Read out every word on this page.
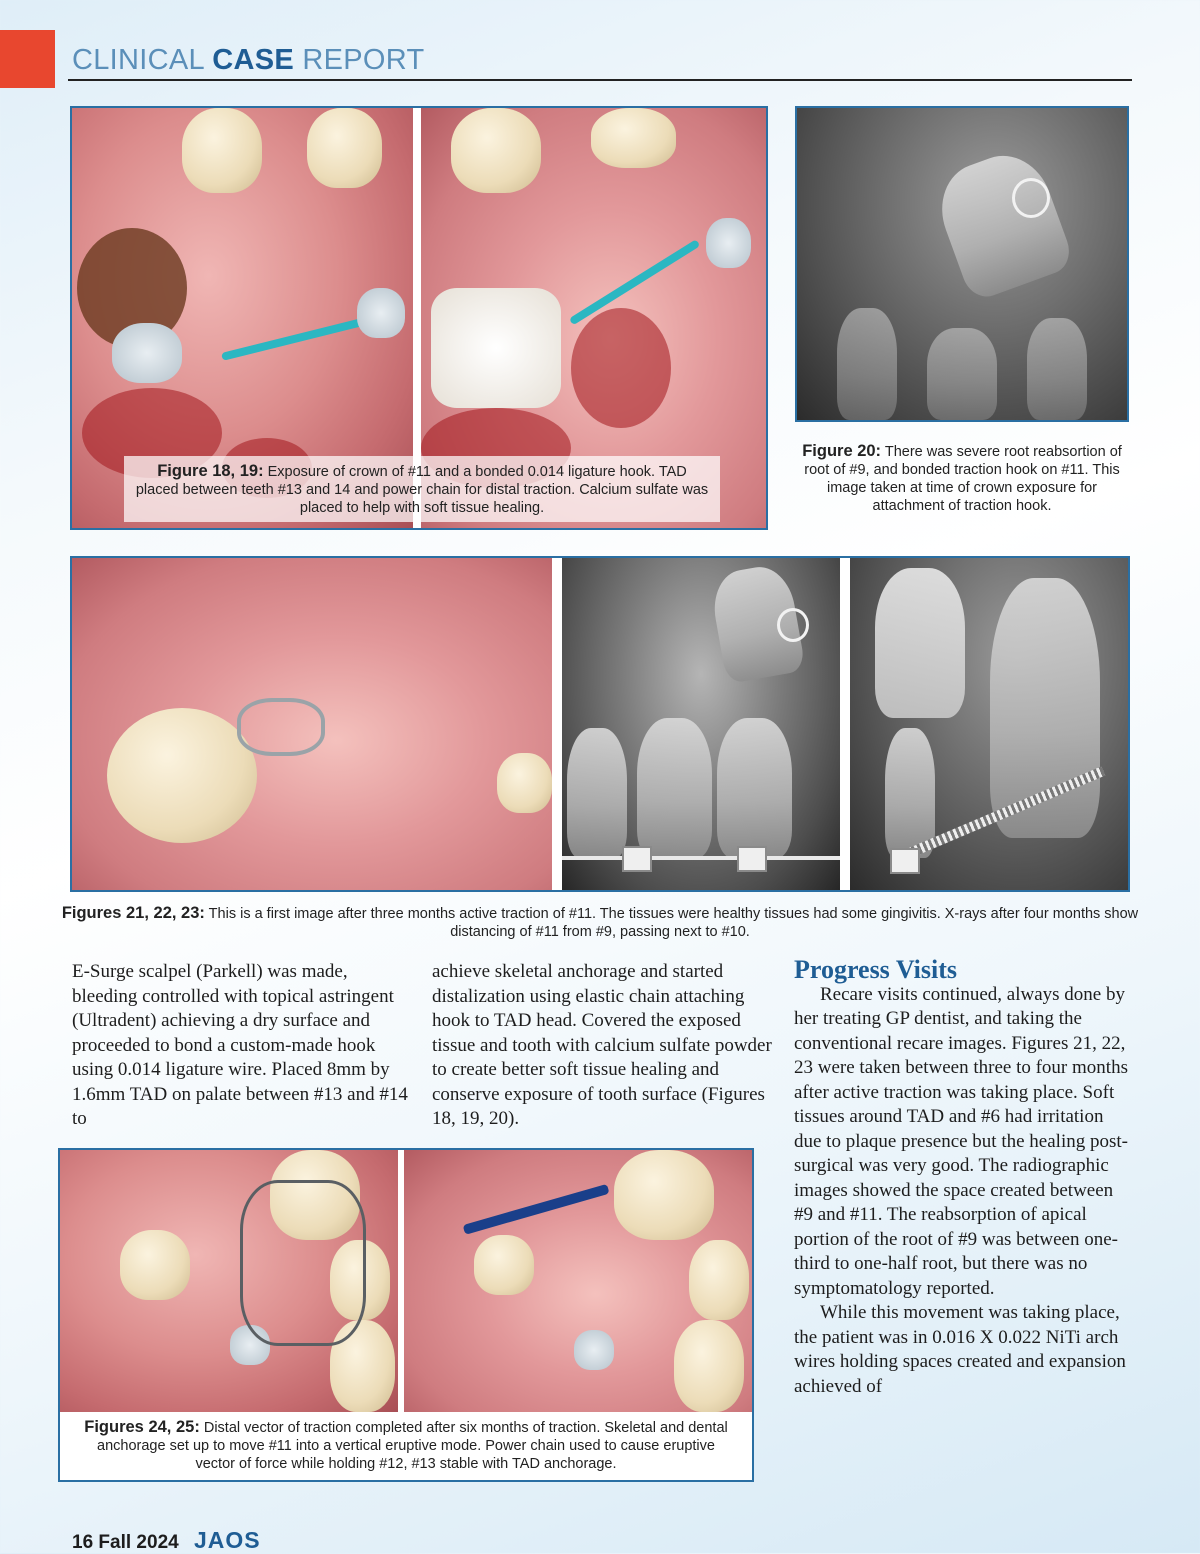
CLINICAL CASE REPORT
Figure 18, 19: Exposure of crown of #11 and a bonded 0.014 ligature hook. TAD placed between teeth #13 and 14 and power chain for distal traction. Calcium sulfate was placed to help with soft tissue healing.
Figure 20: There was severe root reabsortion of root of #9, and bonded traction hook on #11. This image taken at time of crown exposure for attachment of traction hook.
Figures 21, 22, 23: This is a first image after three months active traction of #11. The tissues were healthy tissues had some gingivitis. X-rays after four months show distancing of #11 from #9, passing next to #10.

E-Surge scalpel (Parkell) was made, bleeding controlled with topical astringent (Ultradent) achieving a dry surface and proceeded to bond a custom-made hook using 0.014 ligature wire. Placed 8mm by 1.6mm TAD on palate between #13 and #14 to

achieve skeletal anchorage and started distalization using elastic chain attaching hook to TAD head. Covered the exposed tissue and tooth with calcium sulfate powder to create better soft tissue healing and conserve exposure of tooth surface (Figures 18, 19, 20).

Progress Visits

Recare visits continued, always done by her treating GP dentist, and taking the conventional recare images. Figures 21, 22, 23 were taken between three to four months after active traction was taking place. Soft tissues around TAD and #6 had irritation due to plaque presence but the healing post-surgical was very good. The radiographic images showed the space created between #9 and #11. The reabsorption of apical portion of the root of #9 was between one-third to one-half root, but there was no symptomatology reported.

While this movement was taking place, the patient was in 0.016 X 0.022 NiTi arch wires holding spaces created and expansion achieved of

Figures 24, 25: Distal vector of traction completed after six months of traction. Skeletal and dental anchorage set up to move #11 into a vertical eruptive mode. Power chain used to cause eruptive vector of force while holding #12, #13 stable with TAD anchorage.
16 Fall 2024 JAOS
